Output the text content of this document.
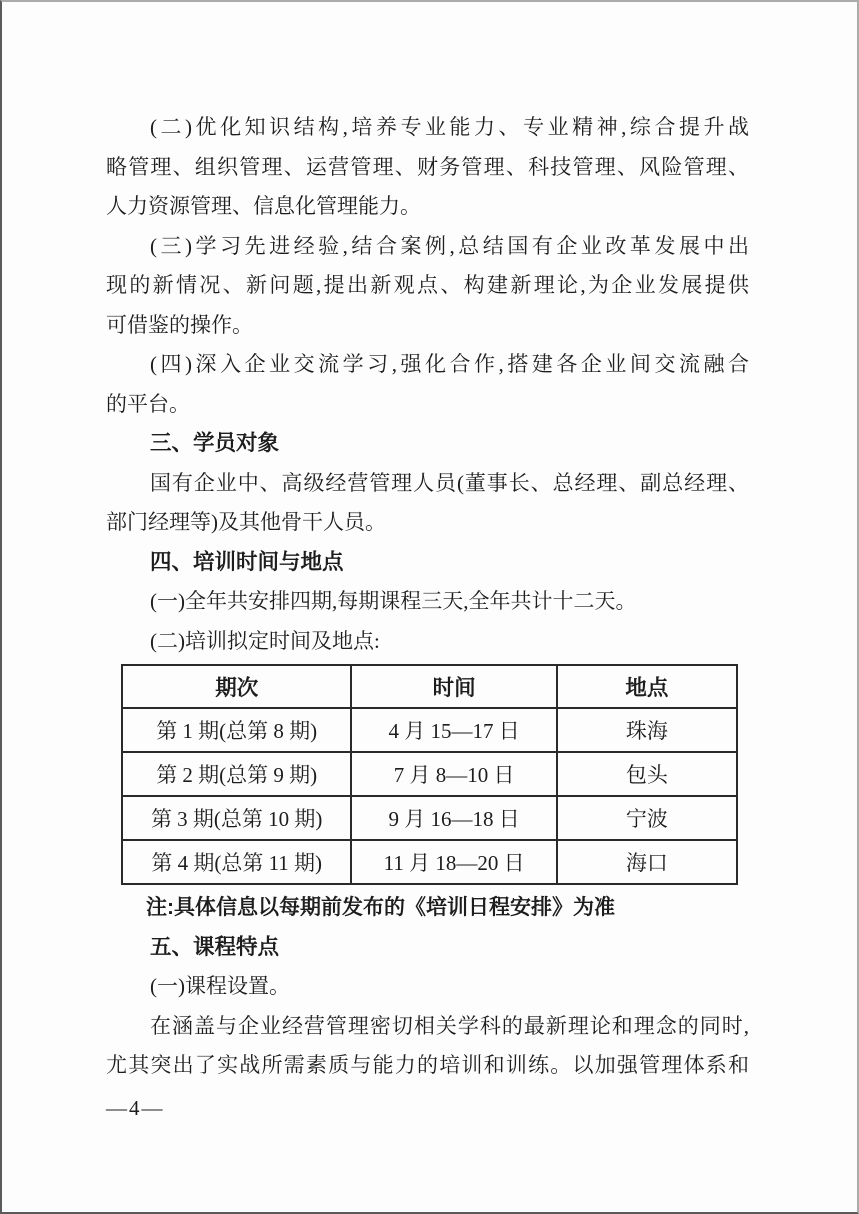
(二)优化知识结构,培养专业能力、专业精神,综合提升战
略管理、组织管理、运营管理、财务管理、科技管理、风险管理、
人力资源管理、信息化管理能力。
(三)学习先进经验,结合案例,总结国有企业改革发展中出
现的新情况、新问题,提出新观点、构建新理论,为企业发展提供
可借鉴的操作。
(四)深入企业交流学习,强化合作,搭建各企业间交流融合
的平台。
三、学员对象
国有企业中、高级经营管理人员(董事长、总经理、副总经理、
部门经理等)及其他骨干人员。
四、培训时间与地点
(一)全年共安排四期,每期课程三天,全年共计十二天。
(二)培训拟定时间及地点:
期次	时间	地点
第 1 期(总第 8 期)	4 月 15—17 日	珠海
第 2 期(总第 9 期)	7 月 8—10 日	包头
第 3 期(总第 10 期)	9 月 16—18 日	宁波
第 4 期(总第 11 期)	11 月 18—20 日	海口
注:具体信息以每期前发布的《培训日程安排》为准
五、课程特点
(一)课程设置。
在涵盖与企业经营管理密切相关学科的最新理论和理念的同时,
尤其突出了实战所需素质与能力的培训和训练。以加强管理体系和
—4—
